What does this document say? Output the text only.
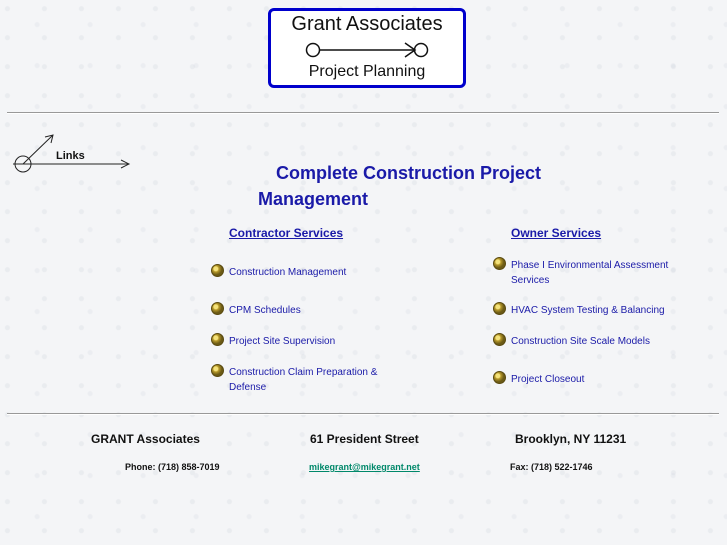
Grant Associates
Project Planning
Links
Complete Construction Project
Management
Contractor Services
Construction Management
CPM Schedules
Project Site Supervision
Construction Claim Preparation &
Defense
Owner Services
Phase I Environmental Assessment
Services
HVAC System Testing & Balancing
Construction Site Scale Models
Project Closeout
GRANT Associates	61 President Street	Brooklyn, NY 11231
Phone: (718) 858-7019	mikegrant@mikegrant.net	Fax: (718) 522-1746
